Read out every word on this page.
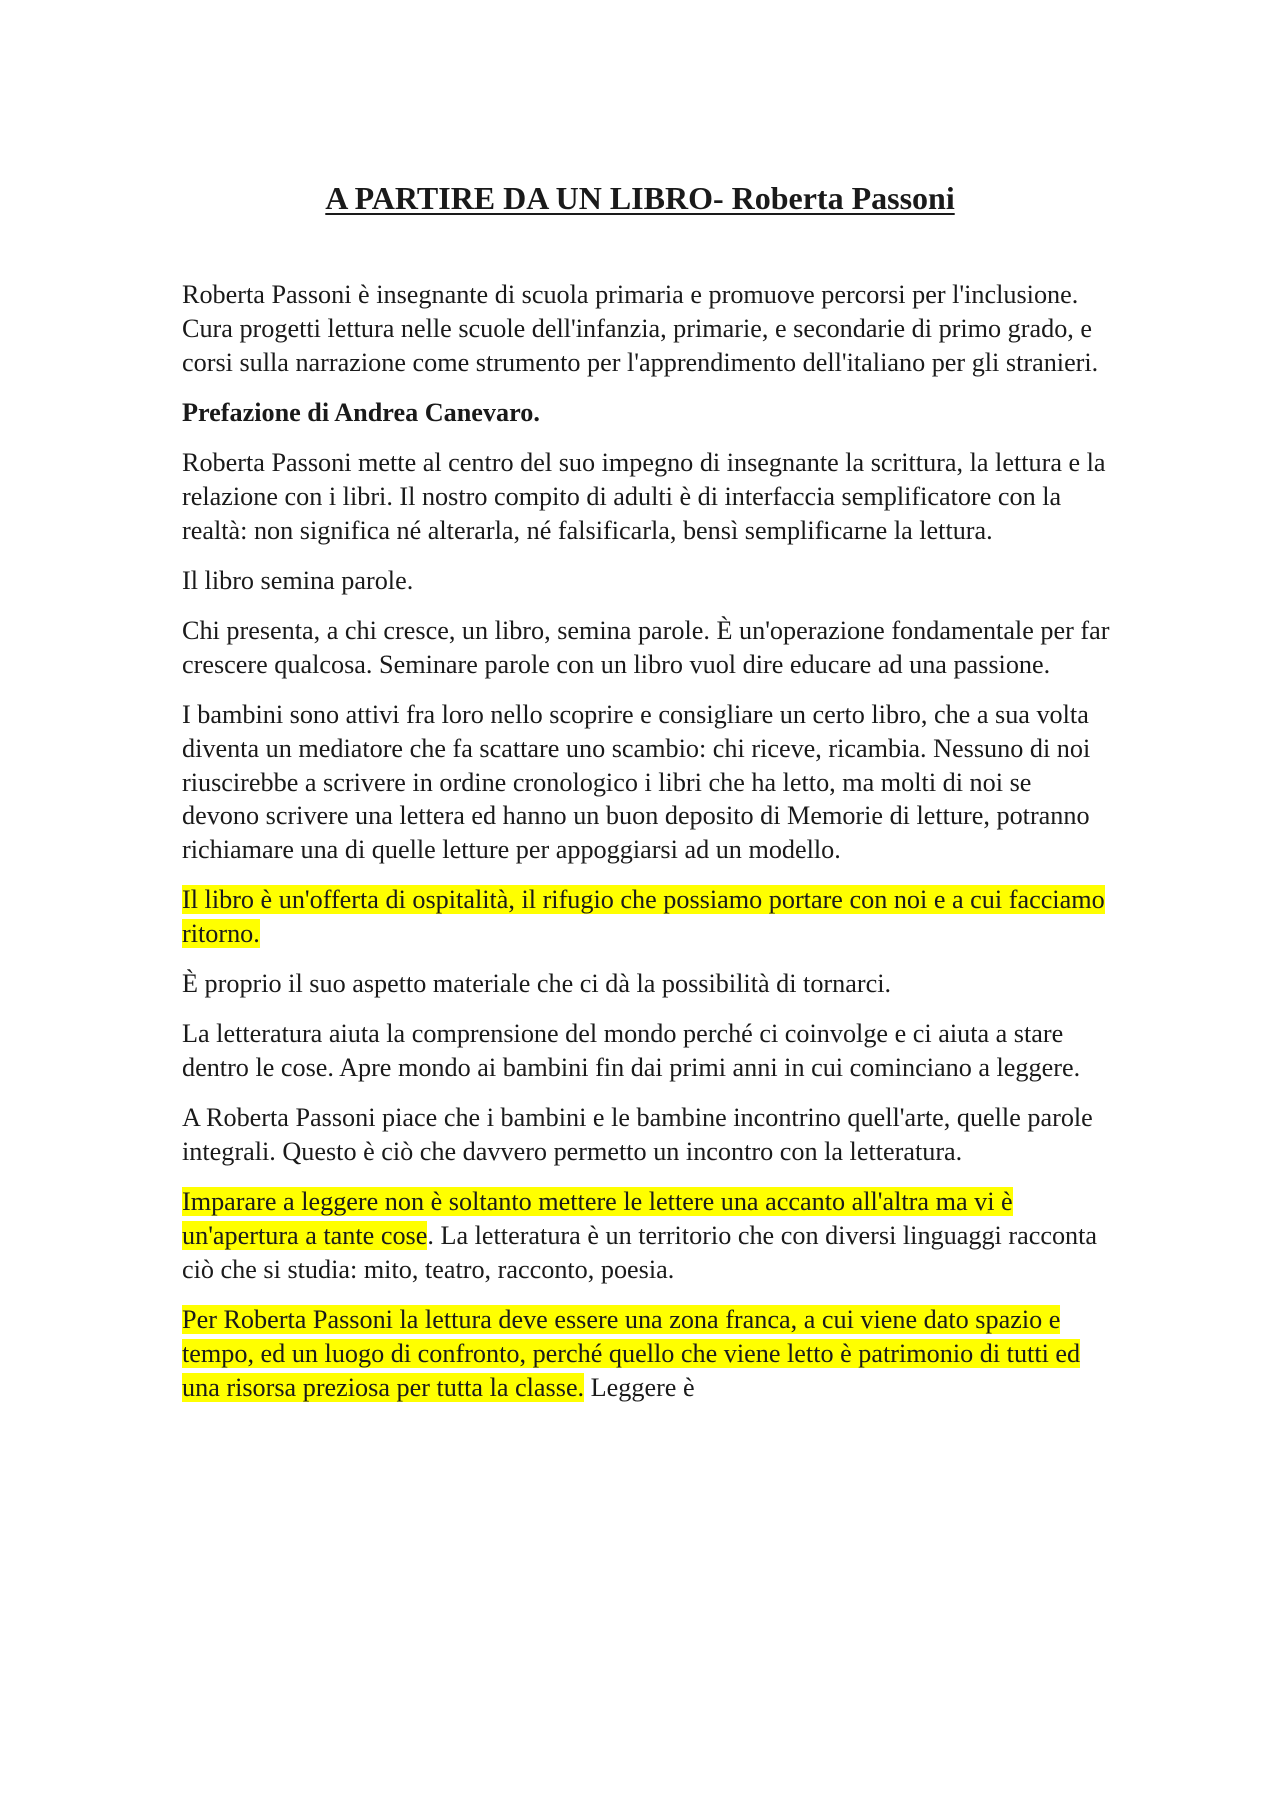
A PARTIRE DA UN LIBRO- Roberta Passoni

Roberta Passoni è insegnante di scuola primaria e promuove percorsi per l'inclusione. Cura progetti lettura nelle scuole dell'infanzia, primarie, e secondarie di primo grado, e corsi sulla narrazione come strumento per l'apprendimento dell'italiano per gli stranieri.

Prefazione di Andrea Canevaro.

Roberta Passoni mette al centro del suo impegno di insegnante la scrittura, la lettura e la relazione con i libri. Il nostro compito di adulti è di interfaccia semplificatore con la realtà: non significa né alterarla, né falsificarla, bensì semplificarne la lettura.

Il libro semina parole.

Chi presenta, a chi cresce, un libro, semina parole. È un'operazione fondamentale per far crescere qualcosa. Seminare parole con un libro vuol dire educare ad una passione.

I bambini sono attivi fra loro nello scoprire e consigliare un certo libro, che a sua volta diventa un mediatore che fa scattare uno scambio: chi riceve, ricambia. Nessuno di noi riuscirebbe a scrivere in ordine cronologico i libri che ha letto, ma molti di noi se devono scrivere una lettera ed hanno un buon deposito di Memorie di letture, potranno richiamare una di quelle letture per appoggiarsi ad un modello.

Il libro è un'offerta di ospitalità, il rifugio che possiamo portare con noi e a cui facciamo ritorno.

È proprio il suo aspetto materiale che ci dà la possibilità di tornarci.

La letteratura aiuta la comprensione del mondo perché ci coinvolge e ci aiuta a stare dentro le cose. Apre mondo ai bambini fin dai primi anni in cui cominciano a leggere.

A Roberta Passoni piace che i bambini e le bambine incontrino quell'arte, quelle parole integrali. Questo è ciò che davvero permetto un incontro con la letteratura.

Imparare a leggere non è soltanto mettere le lettere una accanto all'altra ma vi è un'apertura a tante cose. La letteratura è un territorio che con diversi linguaggi racconta ciò che si studia: mito, teatro, racconto, poesia.

Per Roberta Passoni la lettura deve essere una zona franca, a cui viene dato spazio e tempo, ed un luogo di confronto, perché quello che viene letto è patrimonio di tutti ed una risorsa preziosa per tutta la classe. Leggere è
